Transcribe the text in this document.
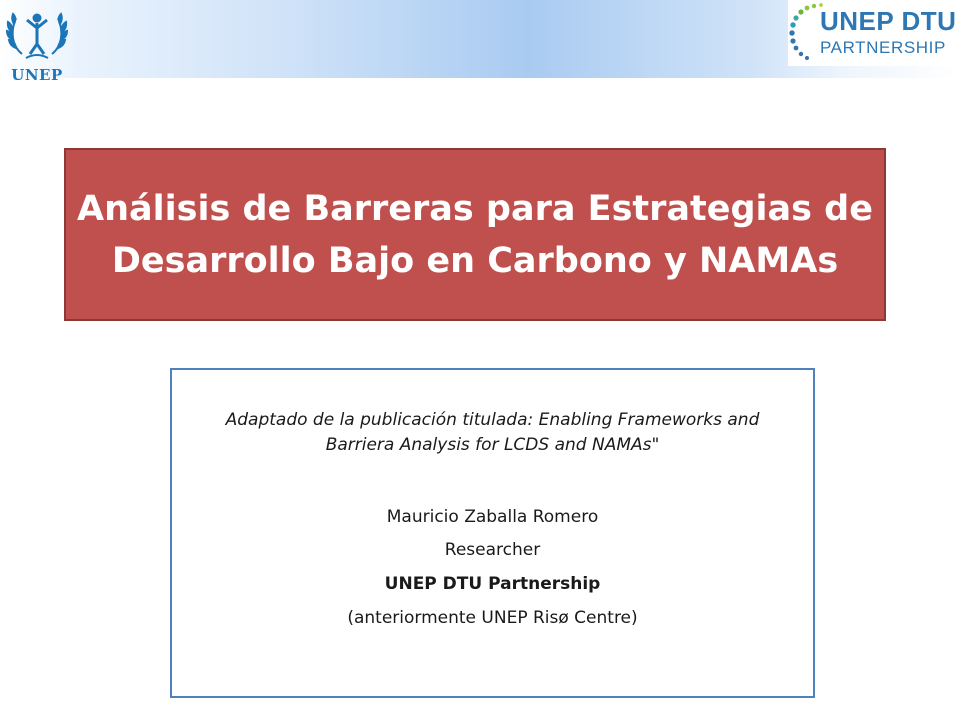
UNEP
UNEP DTU
PARTNERSHIP
Análisis de Barreras para Estrategias de
Desarrollo Bajo en Carbono y NAMAs
Adaptado de la publicación titulada: Enabling Frameworks and
Barriera Analysis for LCDS and NAMAs"
Mauricio Zaballa Romero
Researcher
UNEP DTU Partnership
(anteriormente UNEP Risø Centre)
